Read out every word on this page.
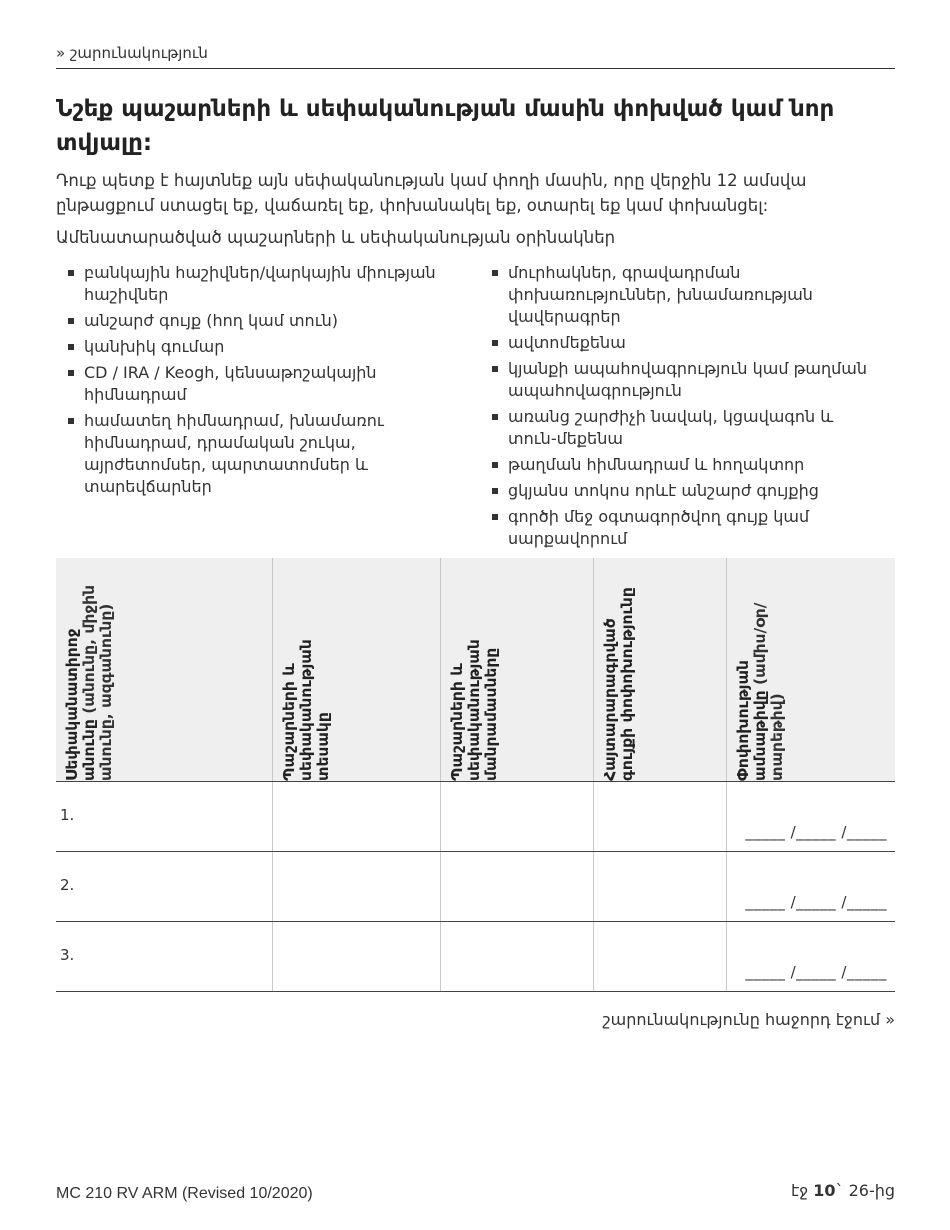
» շարունակություն
Նշեք պաշարների և սեփականության մասին փոխված կամ նոր տվյալը:
Դուք պետք է հայտնեք այն սեփականության կամ փողի մասին, որը վերջին 12 ամսվա ընթացքում ստացել եք, վաճառել եք, փոխանակել եք, օտարել եք կամ փոխանցել:
Ամենատարածված պաշարների և սեփականության օրինակներ
բանկային հաշիվներ/վարկային միության հաշիվներ
անշարժ գույք (հող կամ տուն)
կանխիկ գումար
CD / IRA / Keogh, կենսաթոշակային հիմնադրամ
համատեղ հիմնադրամ, խնամառու հիմնադրամ, դրամական շուկա, այրժետոմսեր, պարտատոմսեր և տարեվճարներ
մուրհակներ, գրավադրման փոխառություններ, խնամառության վավերագրեր
ավտոմեքենա
կյանքի ապահովագրություն կամ թաղման ապահովագրություն
առանց շարժիչի նավակ, կցավագոն և տուն-մեքենա
թաղման հիմնադրամ և հողակտոր
ցկյանս տոկոս որևէ անշարժ գույքից
գործի մեջ օգտագործվող գույք կամ սարքավորում
Սեփականատիրոջ անունը (անունը, միջին անունը, ազգանունը)	Պաշարների և սեփականության տեսակը	Պաշարների և սեփականության մանրամասները	Հայտարարագրված գույքի փոփոխությունը	Փոփոխության ամսաթիվը (ամիս/օր/տարեթիվ)

1.				_____ /_____ /_____

2.				_____ /_____ /_____

3.				_____ /_____ /_____
շարունակությունը հաջորդ էջում »
MC 210 RV ARM (Revised 10/2020)	էջ 10` 26-ից
